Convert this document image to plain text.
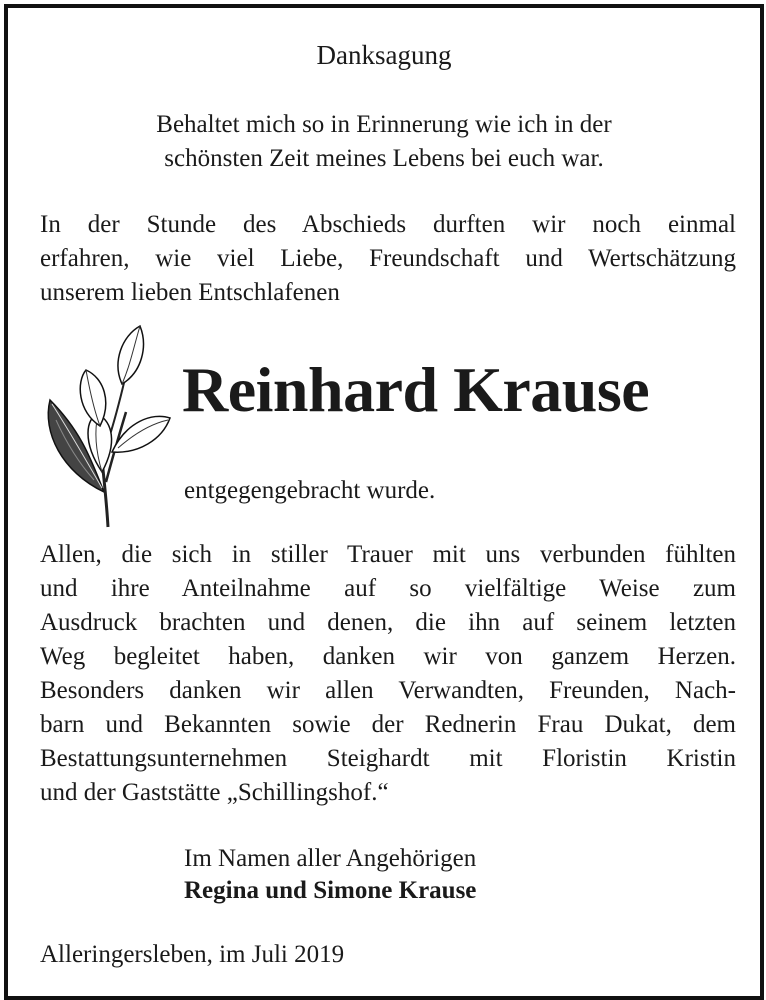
Danksagung
Behaltet mich so in Erinnerung wie ich in der
schönsten Zeit meines Lebens bei euch war.
In der Stunde des Abschieds durften wir noch einmal
erfahren, wie viel Liebe, Freundschaft und Wertschätzung
unserem lieben Entschlafenen
Reinhard Krause
entgegengebracht wurde.
Allen, die sich in stiller Trauer mit uns verbunden fühlten
und ihre Anteilnahme auf so vielfältige Weise zum
Ausdruck brachten und denen, die ihn auf seinem letzten
Weg begleitet haben, danken wir von ganzem Herzen.
Besonders danken wir allen Verwandten, Freunden, Nach-
barn und Bekannten sowie der Rednerin Frau Dukat, dem
Bestattungsunternehmen Steighardt mit Floristin Kristin
und der Gaststätte „Schillingshof.“
Im Namen aller Angehörigen
Regina und Simone Krause
Alleringersleben, im Juli 2019
